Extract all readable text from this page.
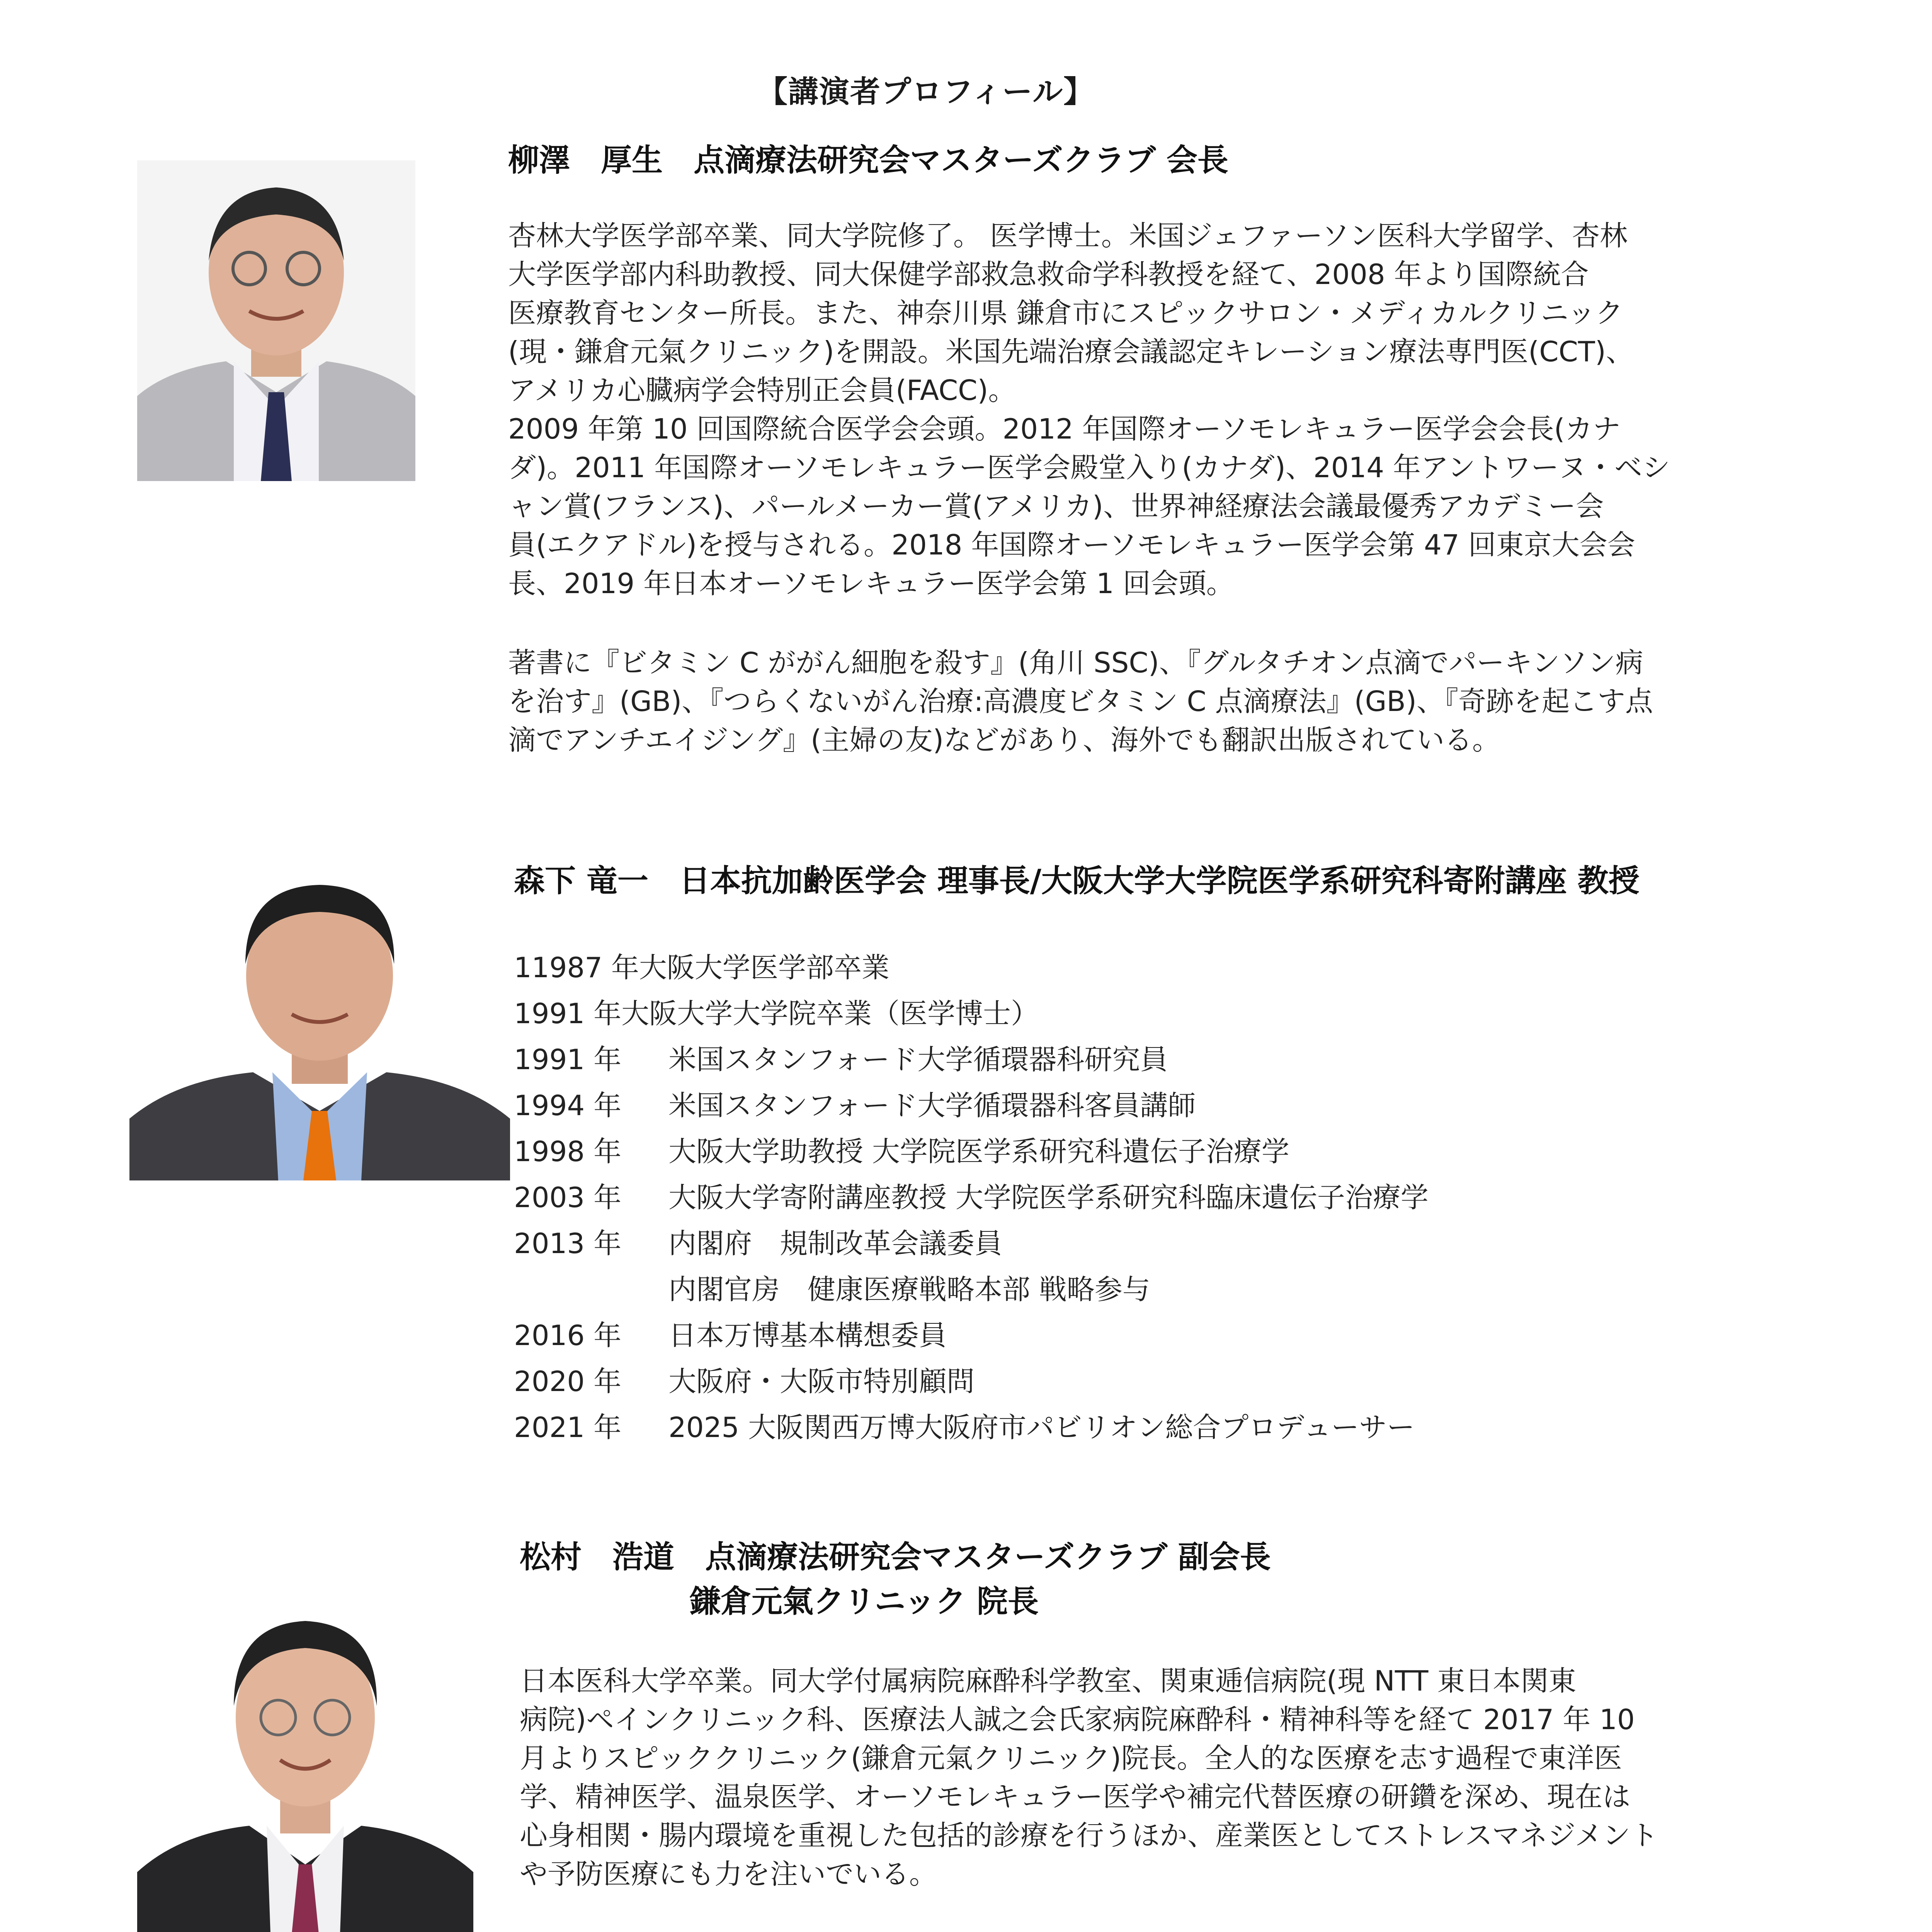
【講演者プロフィール】
柳澤　厚生　点滴療法研究会マスターズクラブ 会長

杏林大学医学部卒業、同大学院修了。 医学博士。米国ジェファーソン医科大学留学、杏林
大学医学部内科助教授、同大保健学部救急救命学科教授を経て、2008 年より国際統合
医療教育センター所長。また、神奈川県 鎌倉市にスピックサロン・メディカルクリニック
(現・鎌倉元氣クリニック)を開設。米国先端治療会議認定キレーション療法専門医(CCT)、
アメリカ心臓病学会特別正会員(FACC)。
2009 年第 10 回国際統合医学会会頭。2012 年国際オーソモレキュラー医学会会長(カナ
ダ)。2011 年国際オーソモレキュラー医学会殿堂入り(カナダ)、2014 年アントワーヌ・ベシ
ャン賞(フランス)、パールメーカー賞(アメリカ)、世界神経療法会議最優秀アカデミー会
員(エクアドル)を授与される。2018 年国際オーソモレキュラー医学会第 47 回東京大会会
長、2019 年日本オーソモレキュラー医学会第 1 回会頭。

著書に『ビタミン C ががん細胞を殺す』(角川 SSC)、『グルタチオン点滴でパーキンソン病
を治す』(GB)、『つらくないがん治療:高濃度ビタミン C 点滴療法』(GB)、『奇跡を起こす点
滴でアンチエイジング』(主婦の友)などがあり、海外でも翻訳出版されている。

森下 竜一　日本抗加齢医学会 理事長/大阪大学大学院医学系研究科寄附講座 教授
11987 年大阪大学医学部卒業
1991 年大阪大学大学院卒業（医学博士）
1991 年	米国スタンフォード大学循環器科研究員
1994 年	米国スタンフォード大学循環器科客員講師
1998 年	大阪大学助教授 大学院医学系研究科遺伝子治療学
2003 年	大阪大学寄附講座教授 大学院医学系研究科臨床遺伝子治療学
2013 年	内閣府　規制改革会議委員
内閣官房　健康医療戦略本部 戦略参与
2016 年	日本万博基本構想委員
2020 年	大阪府・大阪市特別顧問
2021 年	2025 大阪関西万博大阪府市パビリオン総合プロデューサー
松村　浩道　点滴療法研究会マスターズクラブ 副会長
鎌倉元氣クリニック 院長

日本医科大学卒業。同大学付属病院麻酔科学教室、関東逓信病院(現 NTT 東日本関東
病院)ペインクリニック科、医療法人誠之会氏家病院麻酔科・精神科等を経て 2017 年 10
月よりスピッククリニック(鎌倉元氣クリニック)院長。全人的な医療を志す過程で東洋医
学、精神医学、温泉医学、オーソモレキュラー医学や補完代替医療の研鑽を深め、現在は
心身相関・腸内環境を重視した包括的診療を行うほか、産業医としてストレスマネジメント
や予防医療にも力を注いでいる。
